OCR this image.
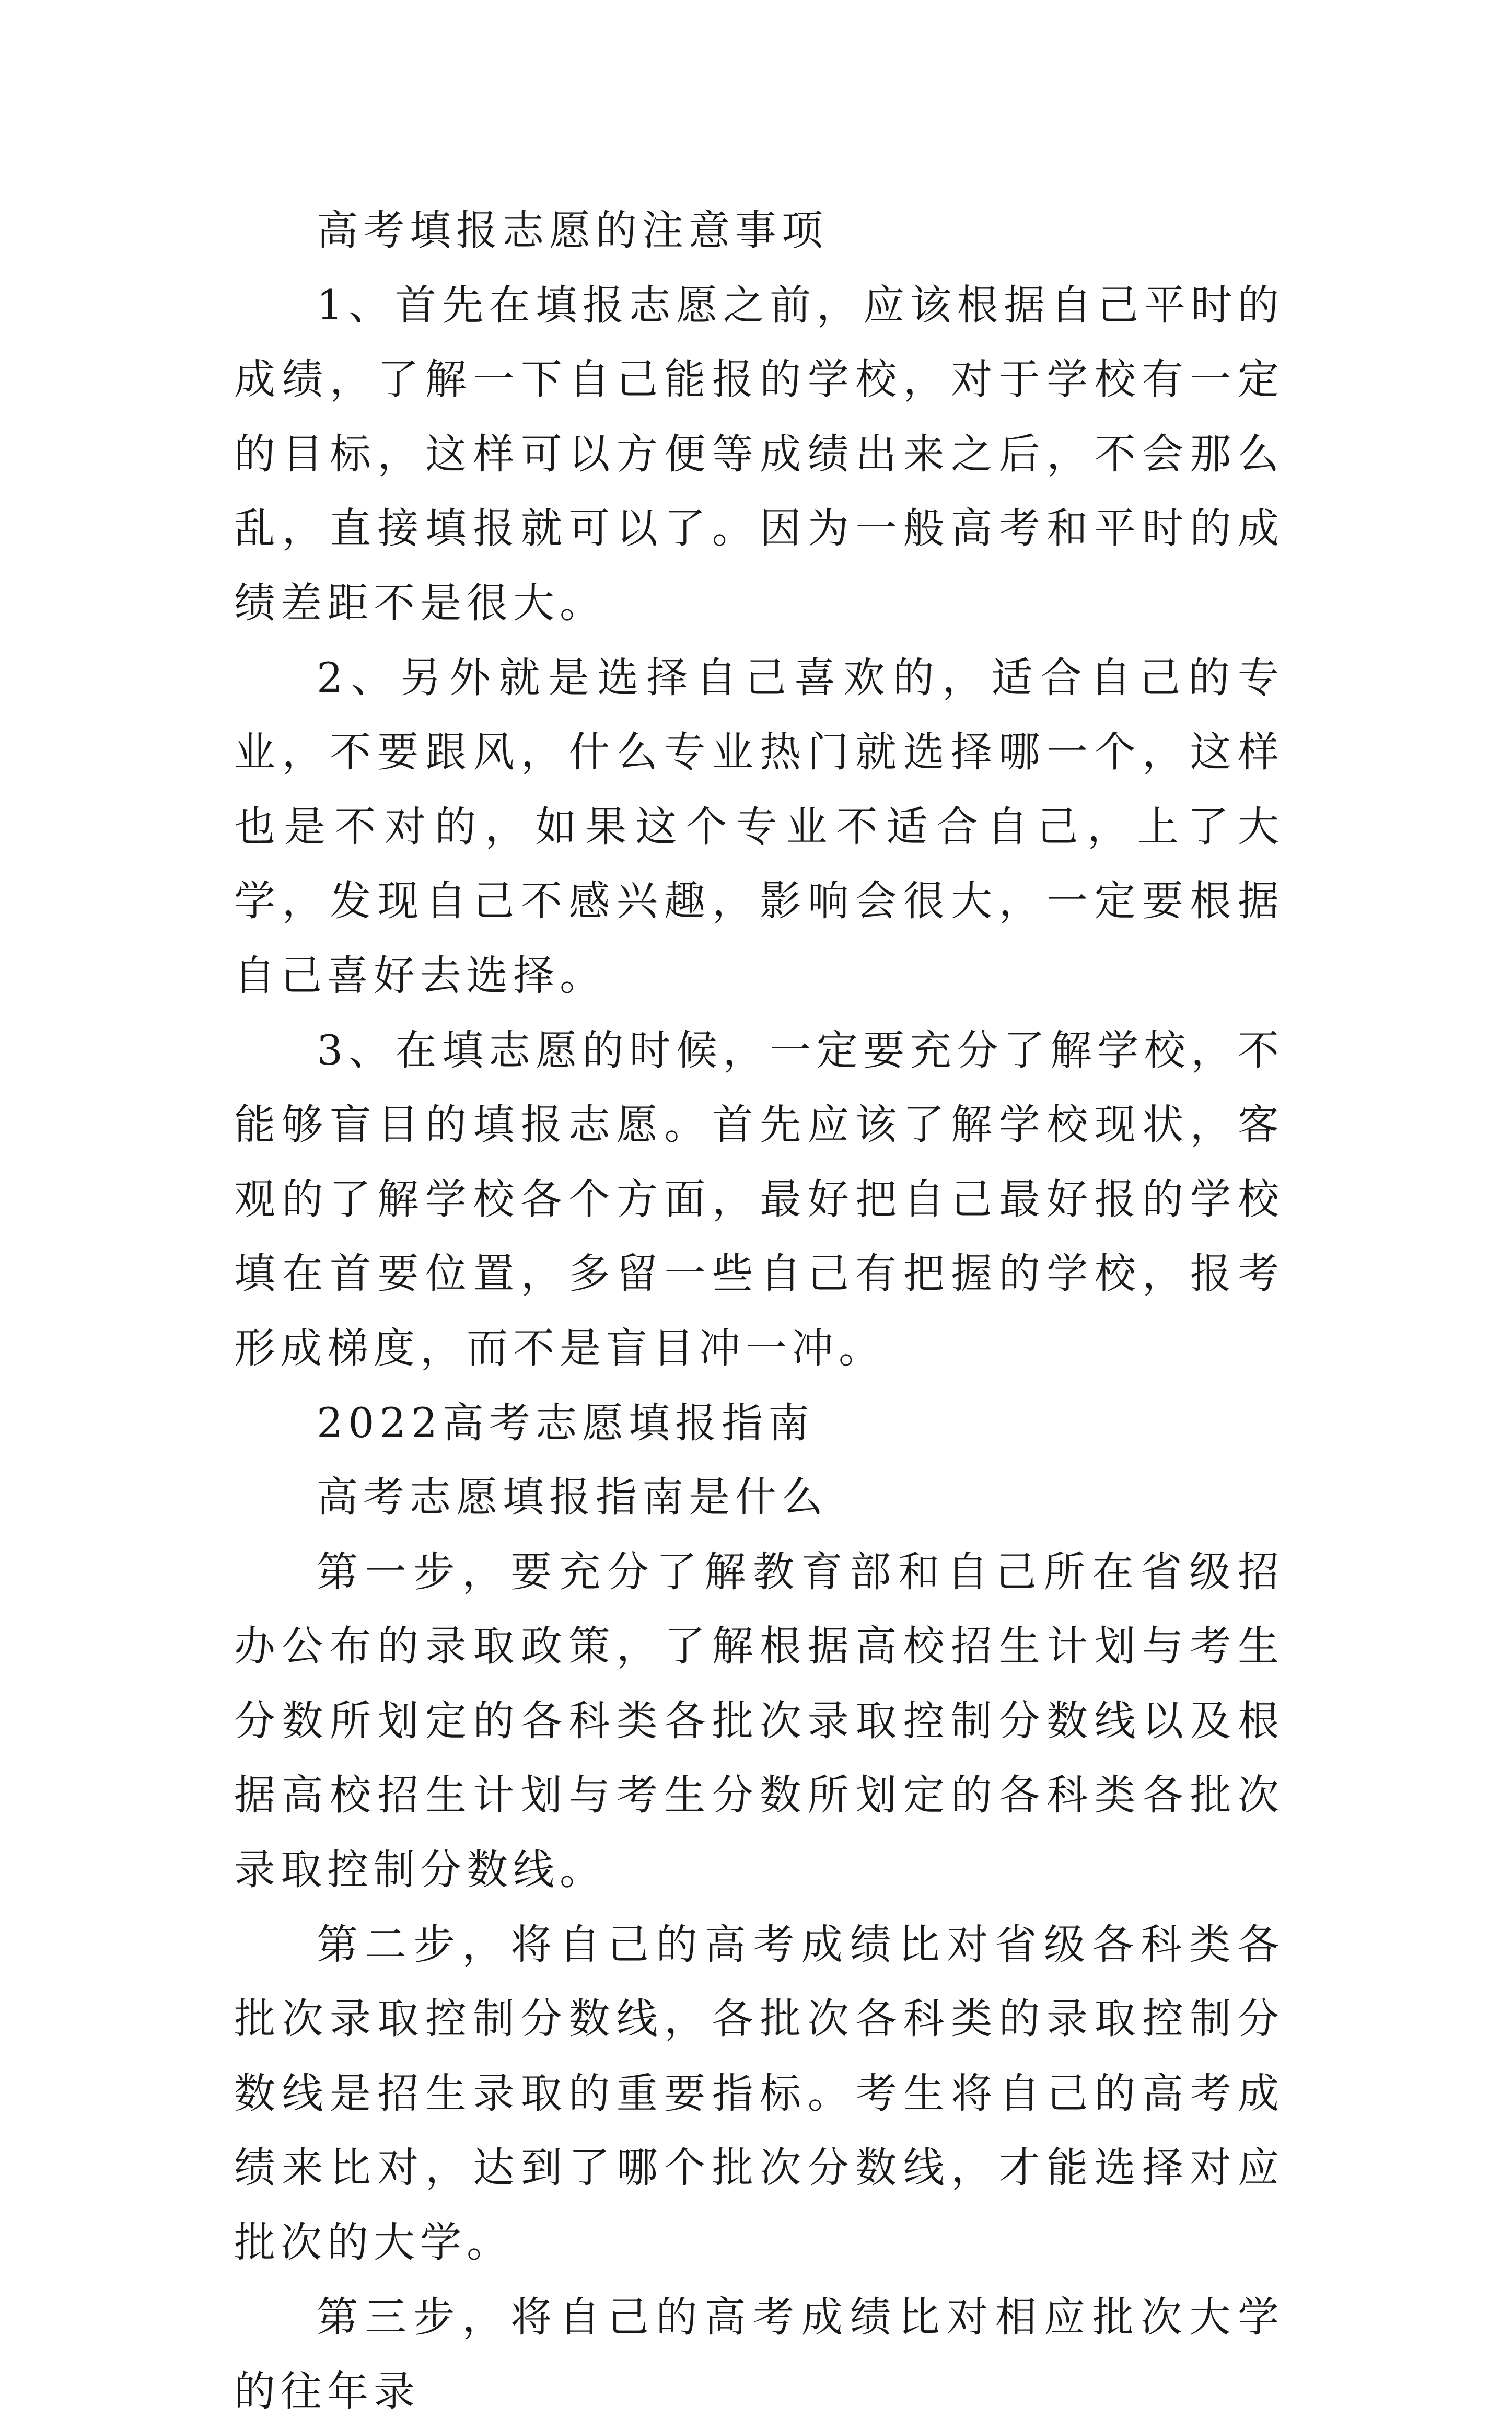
高考填报志愿的注意事项

1、首先在填报志愿之前，应该根据自己平时的成绩，了解一下自己能报的学校，对于学校有一定的目标，这样可以方便等成绩出来之后，不会那么乱，直接填报就可以了。因为一般高考和平时的成绩差距不是很大。

2、另外就是选择自己喜欢的，适合自己的专业，不要跟风，什么专业热门就选择哪一个，这样也是不对的，如果这个专业不适合自己，上了大学，发现自己不感兴趣，影响会很大，一定要根据自己喜好去选择。

3、在填志愿的时候，一定要充分了解学校，不能够盲目的填报志愿。首先应该了解学校现状，客观的了解学校各个方面，最好把自己最好报的学校填在首要位置，多留一些自己有把握的学校，报考形成梯度，而不是盲目冲一冲。

2022高考志愿填报指南

高考志愿填报指南是什么

第一步，要充分了解教育部和自己所在省级招办公布的录取政策，了解根据高校招生计划与考生分数所划定的各科类各批次录取控制分数线以及根据高校招生计划与考生分数所划定的各科类各批次录取控制分数线。

第二步，将自己的高考成绩比对省级各科类各批次录取控制分数线，各批次各科类的录取控制分数线是招生录取的重要指标。考生将自己的高考成绩来比对，达到了哪个批次分数线，才能选择对应批次的大学。

第三步，将自己的高考成绩比对相应批次大学的往年录
